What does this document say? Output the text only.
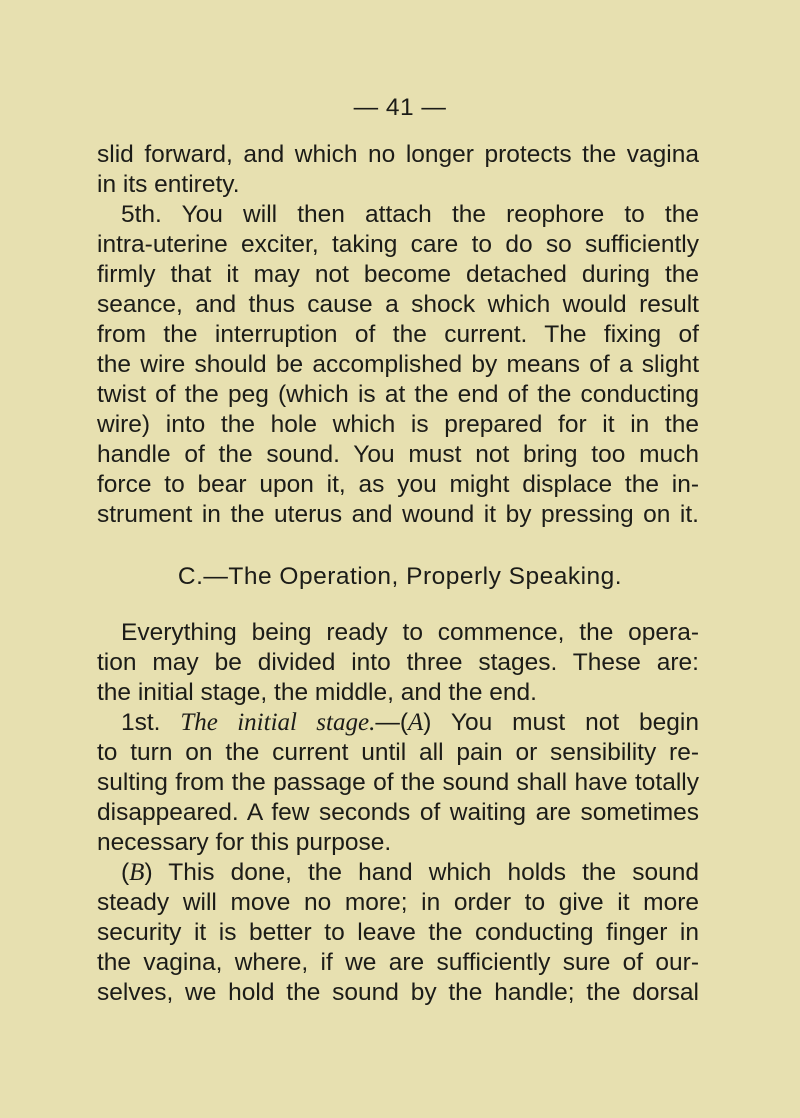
— 41 —

slid forward, and which no longer protects the vagina

in its entirety.

5th. You will then attach the reophore to the

intra-uterine exciter, taking care to do so sufficiently

firmly that it may not become detached during the

seance, and thus cause a shock which would result

from the interruption of the current. The fixing of

the wire should be accomplished by means of a slight

twist of the peg (which is at the end of the conducting

wire) into the hole which is prepared for it in the

handle of the sound. You must not bring too much

force to bear upon it, as you might displace the in-

strument in the uterus and wound it by pressing on it.

C.—The Operation, Properly Speaking.

Everything being ready to commence, the opera-

tion may be divided into three stages. These are:

the initial stage, the middle, and the end.

1st. The initial stage.—(A) You must not begin

to turn on the current until all pain or sensibility re-

sulting from the passage of the sound shall have totally

disappeared. A few seconds of waiting are sometimes

necessary for this purpose.

(B) This done, the hand which holds the sound

steady will move no more; in order to give it more

security it is better to leave the conducting finger in

the vagina, where, if we are sufficiently sure of our-

selves, we hold the sound by the handle; the dorsal
